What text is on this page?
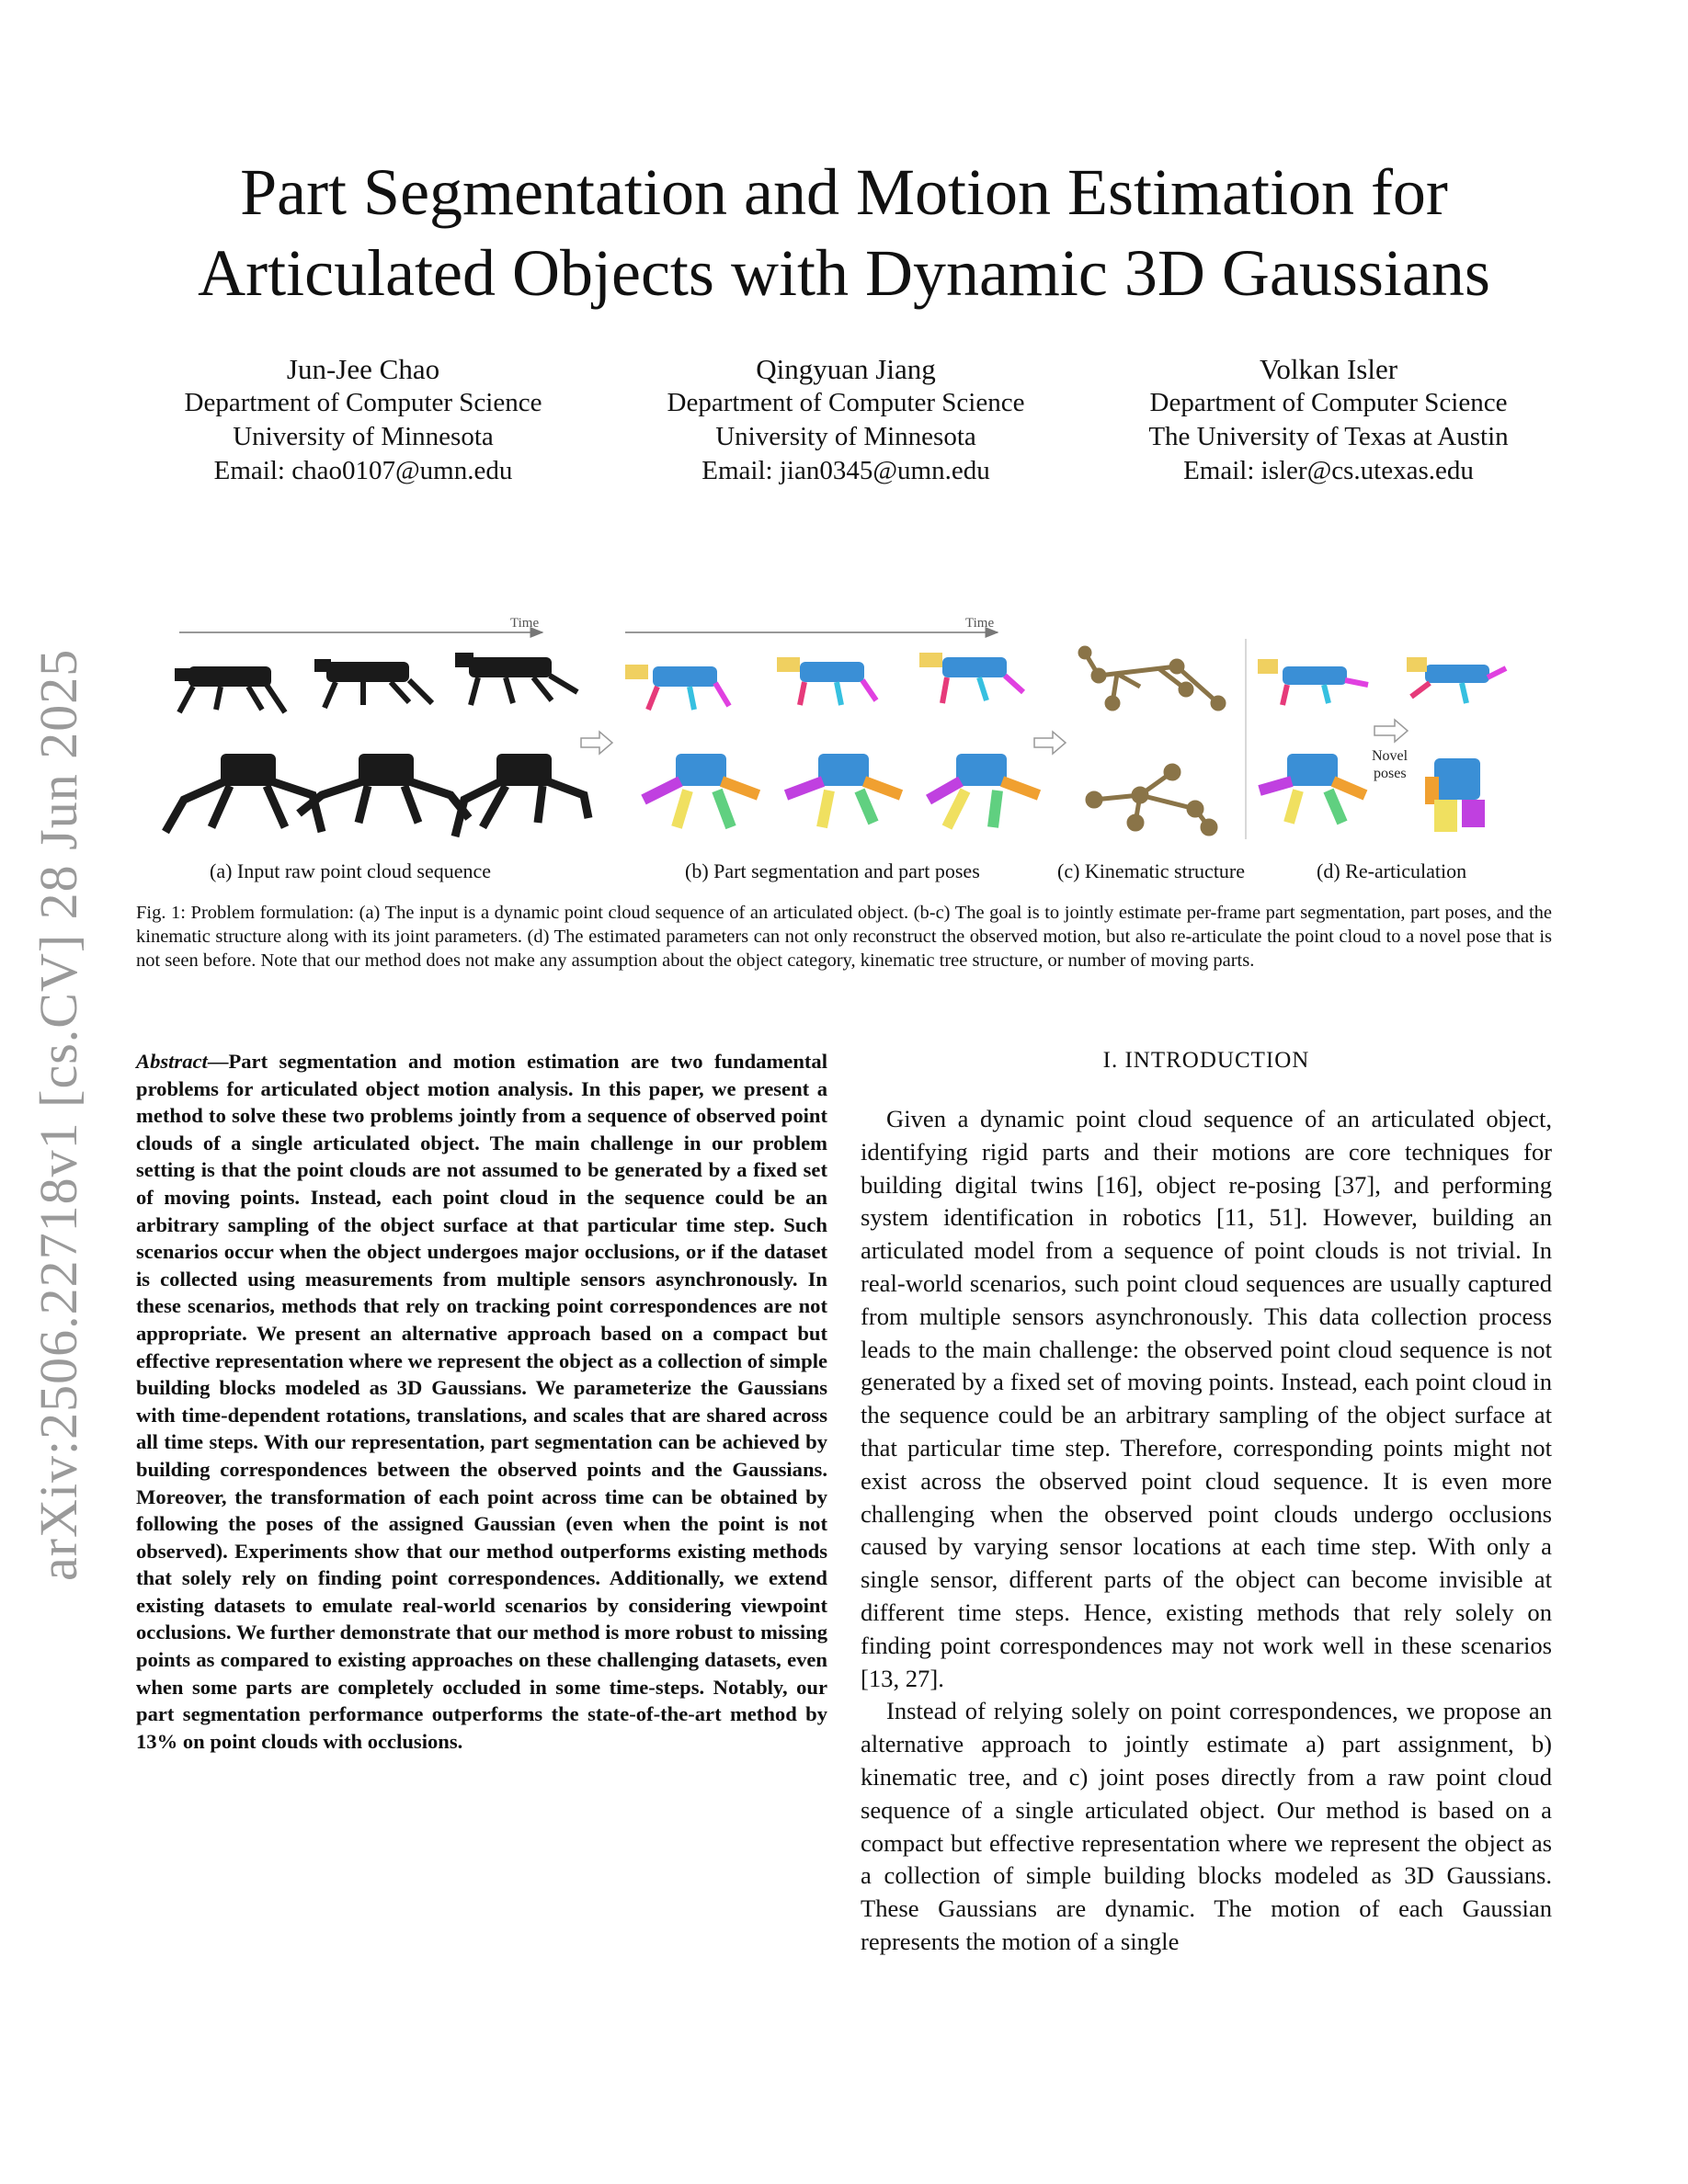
arXiv:2506.22718v1 [cs.CV] 28 Jun 2025
Part Segmentation and Motion Estimation for
Articulated Objects with Dynamic 3D Gaussians
Jun-Jee Chao
Department of Computer Science
University of Minnesota
Email: chao0107@umn.edu
Qingyuan Jiang
Department of Computer Science
University of Minnesota
Email: jian0345@umn.edu
Volkan Isler
Department of Computer Science
The University of Texas at Austin
Email: isler@cs.utexas.edu
Time	Time
Novel
poses
(a) Input raw point cloud sequence	(b) Part segmentation and part poses	(c) Kinematic structure	(d) Re-articulation
Fig. 1: Problem formulation: (a) The input is a dynamic point cloud sequence of an articulated object. (b-c) The goal is to jointly estimate per-frame part segmentation, part poses, and the kinematic structure along with its joint parameters. (d) The estimated parameters can not only reconstruct the observed motion, but also re-articulate the point cloud to a novel pose that is not seen before. Note that our method does not make any assumption about the object category, kinematic tree structure, or number of moving parts.
Abstract—Part segmentation and motion estimation are two fundamental problems for articulated object motion analysis. In this paper, we present a method to solve these two problems jointly from a sequence of observed point clouds of a single articulated object. The main challenge in our problem setting is that the point clouds are not assumed to be generated by a fixed set of moving points. Instead, each point cloud in the sequence could be an arbitrary sampling of the object surface at that particular time step. Such scenarios occur when the object undergoes major occlusions, or if the dataset is collected using measurements from multiple sensors asynchronously. In these scenarios, methods that rely on tracking point correspondences are not appropriate. We present an alternative approach based on a compact but effective representation where we represent the object as a collection of simple building blocks modeled as 3D Gaussians. We parameterize the Gaussians with time-dependent rotations, translations, and scales that are shared across all time steps. With our representation, part segmentation can be achieved by building correspondences between the observed points and the Gaussians. Moreover, the transformation of each point across time can be obtained by following the poses of the assigned Gaussian (even when the point is not observed). Experiments show that our method outperforms existing methods that solely rely on finding point correspondences. Additionally, we extend existing datasets to emulate real-world scenarios by considering viewpoint occlusions. We further demonstrate that our method is more robust to missing points as compared to existing approaches on these challenging datasets, even when some parts are completely occluded in some time-steps. Notably, our part segmentation performance outperforms the state-of-the-art method by 13% on point clouds with occlusions.
I. INTRODUCTION

Given a dynamic point cloud sequence of an articulated object, identifying rigid parts and their motions are core techniques for building digital twins [16], object re-posing [37], and performing system identification in robotics [11, 51]. However, building an articulated model from a sequence of point clouds is not trivial. In real-world scenarios, such point cloud sequences are usually captured from multiple sensors asynchronously. This data collection process leads to the main challenge: the observed point cloud sequence is not generated by a fixed set of moving points. Instead, each point cloud in the sequence could be an arbitrary sampling of the object surface at that particular time step. Therefore, corresponding points might not exist across the observed point cloud sequence. It is even more challenging when the observed point clouds undergo occlusions caused by varying sensor locations at each time step. With only a single sensor, different parts of the object can become invisible at different time steps. Hence, existing methods that rely solely on finding point correspondences may not work well in these scenarios [13, 27].

Instead of relying solely on point correspondences, we propose an alternative approach to jointly estimate a) part assignment, b) kinematic tree, and c) joint poses directly from a raw point cloud sequence of a single articulated object. Our method is based on a compact but effective representation where we represent the object as a collection of simple building blocks modeled as 3D Gaussians. These Gaussians are dynamic. The motion of each Gaussian represents the motion of a single
